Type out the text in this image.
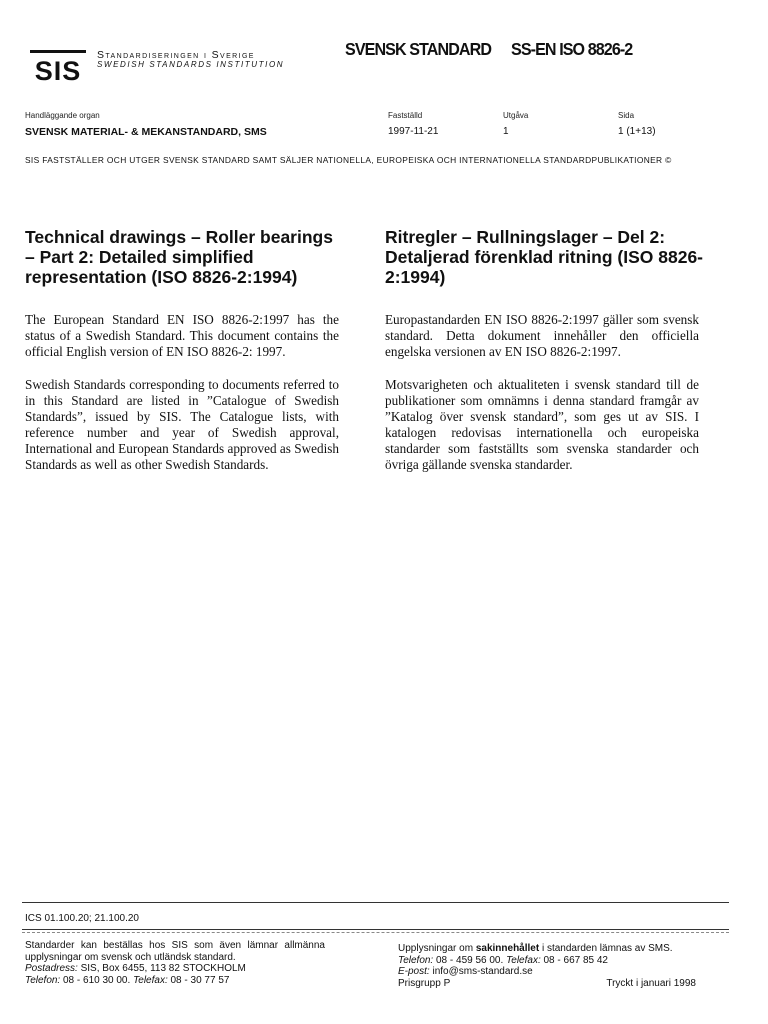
SIS
Standardiseringen i Sverige
SWEDISH STANDARDS INSTITUTION
SVENSK STANDARD SS-EN ISO 8826-2
Handläggande organ	Fastställd	Utgåva	Sida
SVENSK MATERIAL- & MEKANSTANDARD, SMS	1997-11-21	1	1 (1+13)
SIS FASTSTÄLLER OCH UTGER SVENSK STANDARD SAMT SÄLJER NATIONELLA, EUROPEISKA OCH INTERNATIONELLA STANDARDPUBLIKATIONER ©
Technical drawings – Roller bearings – Part 2: Detailed simplified representation (ISO 8826-2:1994)
Ritregler – Rullningslager – Del 2: Detaljerad förenklad ritning (ISO 8826-2:1994)
The European Standard EN ISO 8826-2:1997 has the status of a Swedish Standard. This document contains the official English version of EN ISO 8826-2: 1997.
Swedish Standards corresponding to documents referred to in this Standard are listed in ”Catalogue of Swedish Standards”, issued by SIS. The Catalogue lists, with reference number and year of Swedish approval, International and European Standards approved as Swedish Standards as well as other Swedish Standards.
Europastandarden EN ISO 8826-2:1997 gäller som svensk standard. Detta dokument innehåller den officiella engelska versionen av EN ISO 8826-2:1997.
Motsvarigheten och aktualiteten i svensk standard till de publikationer som omnämns i denna standard framgår av ”Katalog över svensk standard”, som ges ut av SIS. I katalogen redovisas internationella och europeiska standarder som fastställts som svenska standarder och övriga gällande svenska standarder.
ICS 01.100.20; 21.100.20
Standarder kan beställas hos SIS som även lämnar allmänna upplysningar om svensk och utländsk standard.
Postadress: SIS, Box 6455, 113 82 STOCKHOLM
Telefon: 08 - 610 30 00. Telefax: 08 - 30 77 57
Upplysningar om sakinnehållet i standarden lämnas av SMS.
Telefon: 08 - 459 56 00. Telefax: 08 - 667 85 42
E-post: info@sms-standard.se
Prisgrupp P	Tryckt i januari 1998
